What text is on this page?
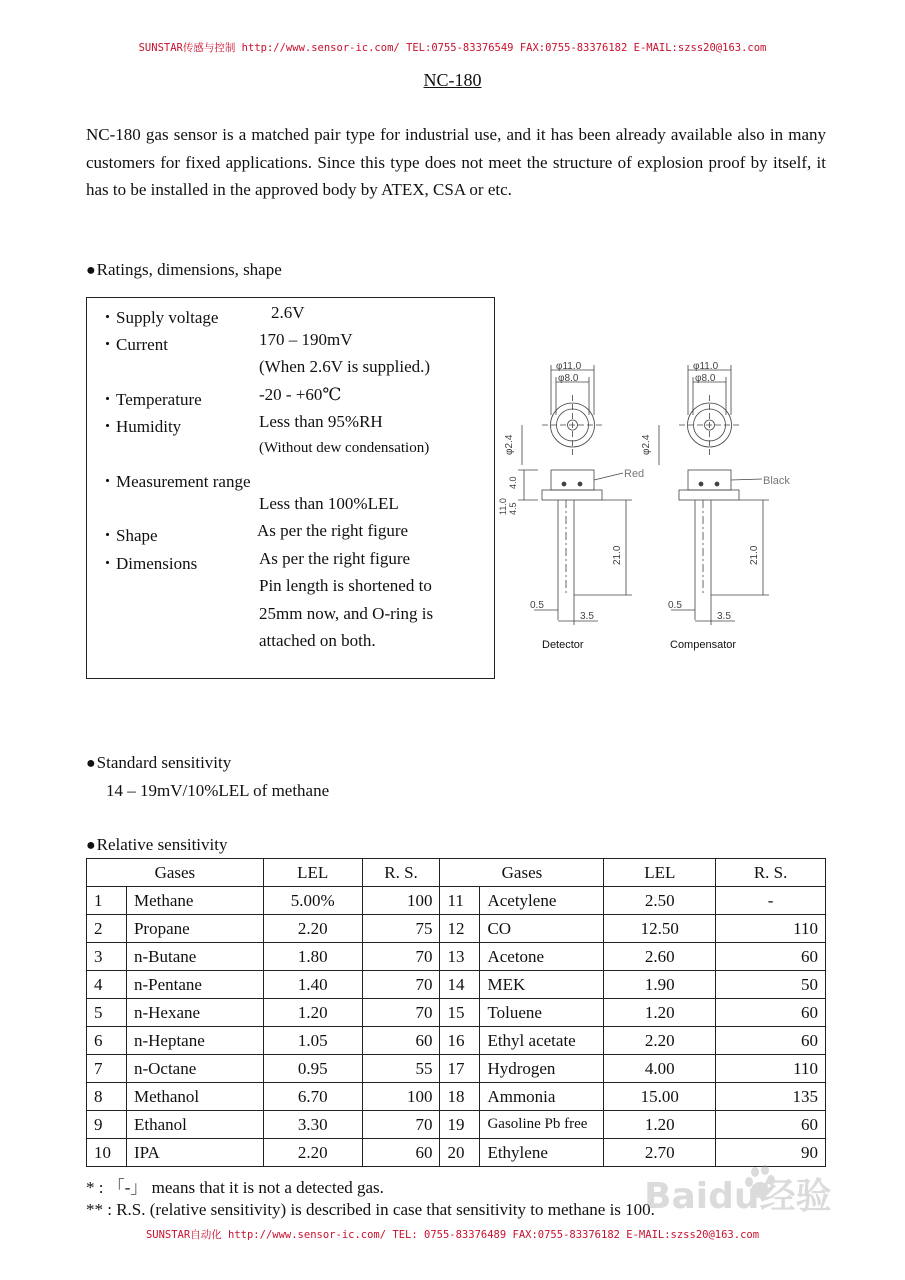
SUNSTAR传感与控制 http://www.sensor-ic.com/ TEL:0755-83376549 FAX:0755-83376182 E-MAIL:szss20@163.com
NC-180
NC-180 gas sensor is a matched pair type for industrial use, and it has been already available also in many customers for fixed applications. Since this type does not meet the structure of explosion proof by itself, it has to be installed in the approved body by ATEX, CSA or etc.
●Ratings, dimensions, shape
・Supply voltage	2.6V
・Current	170 – 190mV
(When 2.6V is supplied.)
・Temperature	-20 - +60℃
・Humidity	Less than 95%RH
(Without dew condensation)
・Measurement range
Less than 100%LEL
・Shape	As per the right figure
・Dimensions	As per the right figure
Pin length is shortened to
25mm now, and O-ring is
attached on both.
φ11.0
φ8.0
φ2.4
11.0
4.0
4.5
21.0
0.5
3.5
Red
φ11.0
φ8.0
φ2.4
21.0
0.5
3.5
Black
Detector	Compensator
●Standard sensitivity
14 – 19mV/10%LEL of methane
●Relative sensitivity
Gases		LEL	R. S.	Gases		LEL	R. S.
1	Methane	5.00%	100	11	Acetylene	2.50	-
2	Propane	2.20	75	12	CO	12.50	110
3	n-Butane	1.80	70	13	Acetone	2.60	60
4	n-Pentane	1.40	70	14	MEK	1.90	50
5	n-Hexane	1.20	70	15	Toluene	1.20	60
6	n-Heptane	1.05	60	16	Ethyl acetate	2.20	60
7	n-Octane	0.95	55	17	Hydrogen	4.00	110
8	Methanol	6.70	100	18	Ammonia	15.00	135
9	Ethanol	3.30	70	19	Gasoline Pb free	1.20	60
10	IPA	2.20	60	20	Ethylene	2.70	90
* : 「-」 means that it is not a detected gas.
** : R.S. (relative sensitivity) is described in case that sensitivity to methane is 100.
SUNSTAR自动化 http://www.sensor-ic.com/ TEL: 0755-83376489 FAX:0755-83376182 E-MAIL:szss20@163.com
Baidu经验
